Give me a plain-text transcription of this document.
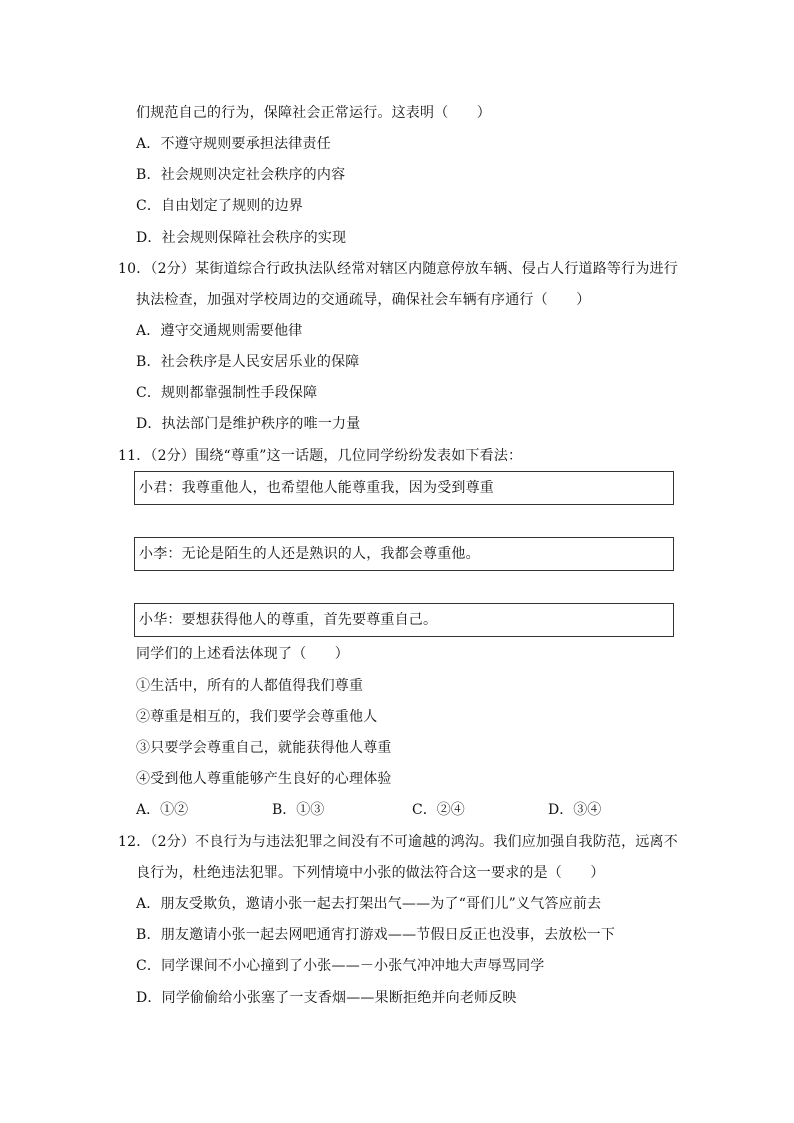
们规范自己的行为，保障社会正常运行。这表明（　　）
A．不遵守规则要承担法律责任
B．社会规则决定社会秩序的内容
C．自由划定了规则的边界
D．社会规则保障社会秩序的实现
10．（2分）某街道综合行政执法队经常对辖区内随意停放车辆、侵占人行道路等行为进行
执法检查，加强对学校周边的交通疏导，确保社会车辆有序通行（　　）
A．遵守交通规则需要他律
B．社会秩序是人民安居乐业的保障
C．规则都靠强制性手段保障
D．执法部门是维护秩序的唯一力量
11．（2分）围绕“尊重”这一话题，几位同学纷纷发表如下看法：
小君：我尊重他人，也希望他人能尊重我，因为受到尊重
小李：无论是陌生的人还是熟识的人，我都会尊重他。
小华：要想获得他人的尊重，首先要尊重自己。
同学们的上述看法体现了（　　）
①生活中，所有的人都值得我们尊重
②尊重是相互的，我们要学会尊重他人
③只要学会尊重自己，就能获得他人尊重
④受到他人尊重能够产生良好的心理体验
A．①②	B．①③	C．②④	D．③④
12．（2分）不良行为与违法犯罪之间没有不可逾越的鸿沟。我们应加强自我防范，远离不
良行为，杜绝违法犯罪。下列情境中小张的做法符合这一要求的是（　　）
A．朋友受欺负，邀请小张一起去打架出气——为了“哥们儿”义气答应前去
B．朋友邀请小张一起去网吧通宵打游戏——节假日反正也没事，去放松一下
C．同学课间不小心撞到了小张——－小张气冲冲地大声辱骂同学
D．同学偷偷给小张塞了一支香烟——果断拒绝并向老师反映
